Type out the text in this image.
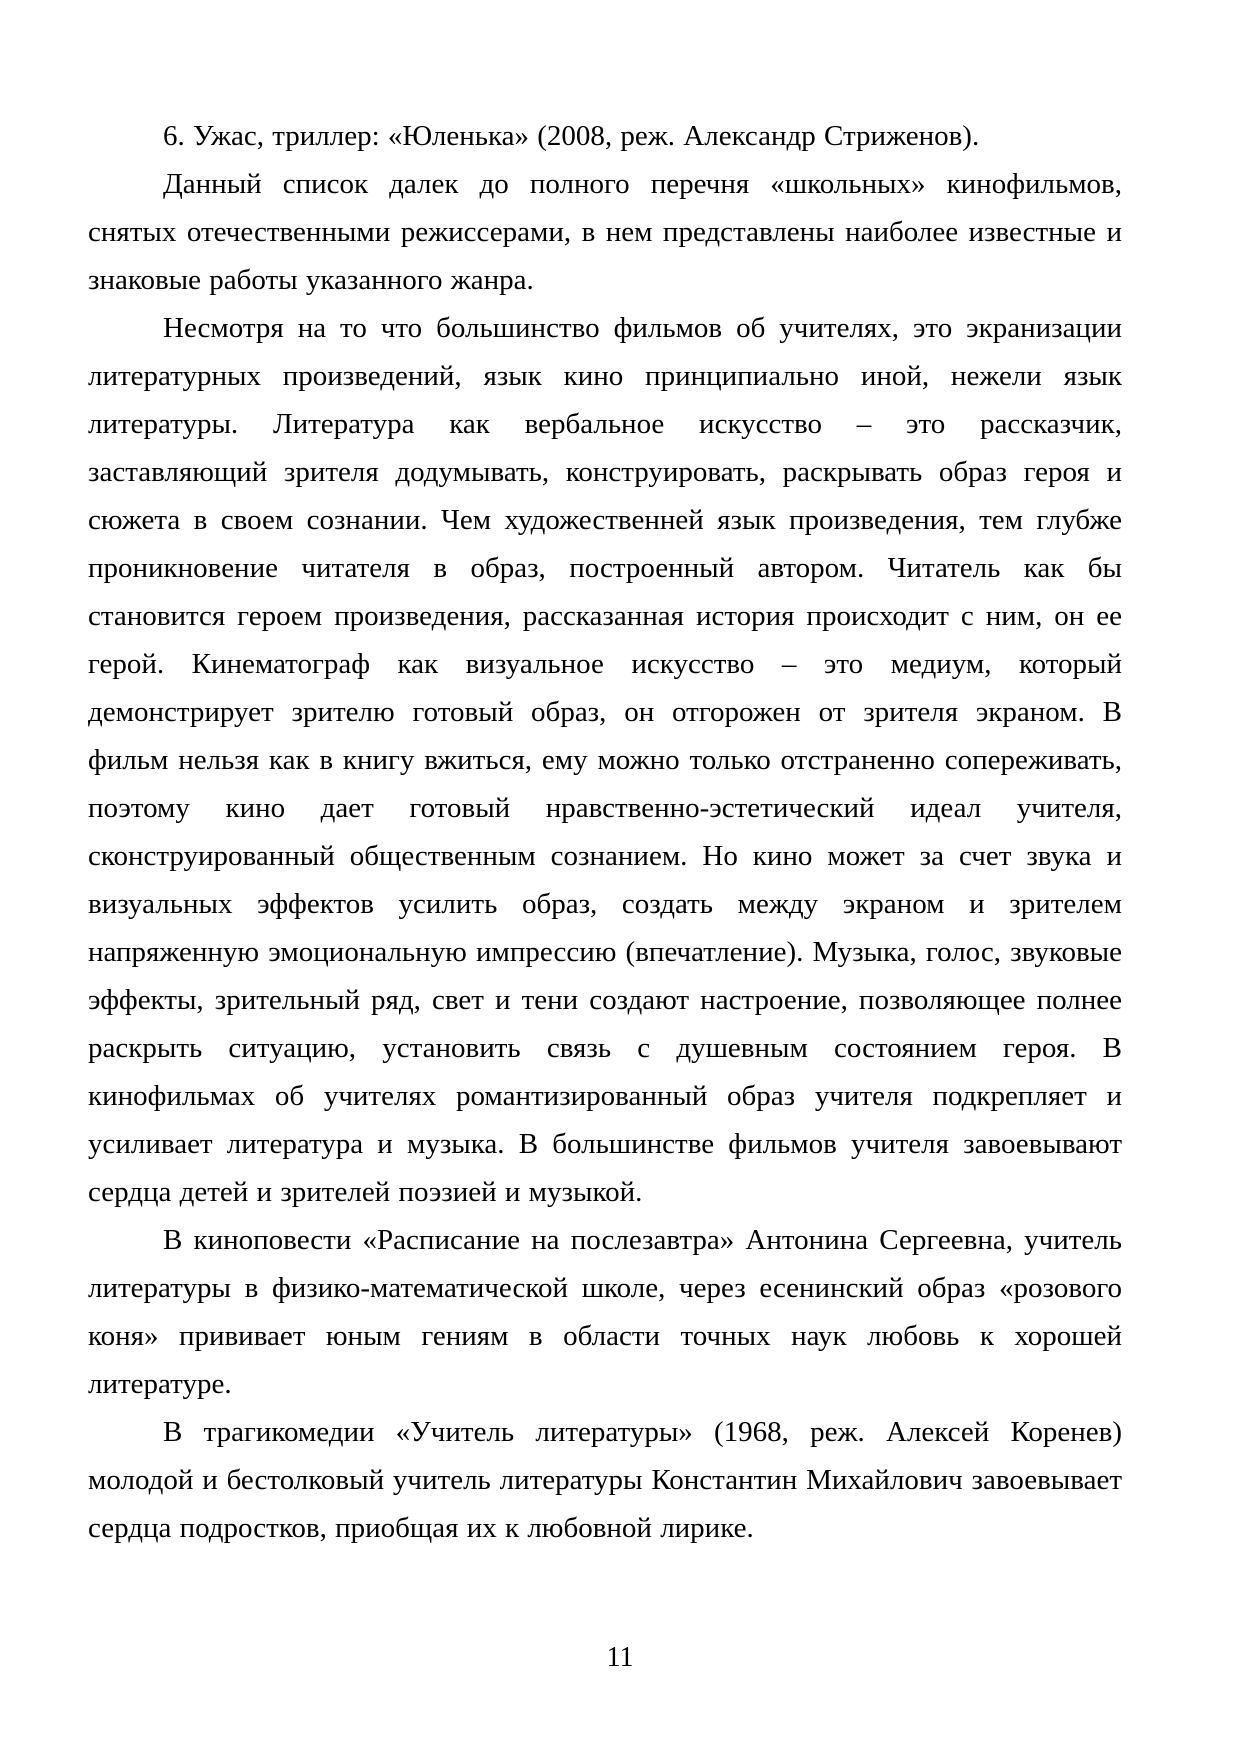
6. Ужас, триллер: «Юленька» (2008, реж. Александр Стриженов).

Данный список далек до полного перечня «школьных» кинофильмов, снятых отечественными режиссерами, в нем представлены наиболее известные и знаковые работы указанного жанра.

Несмотря на то что большинство фильмов об учителях, это экранизации литературных произведений, язык кино принципиально иной, нежели язык литературы. Литература как вербальное искусство – это рассказчик, заставляющий зрителя додумывать, конструировать, раскрывать образ героя и сюжета в своем сознании. Чем художественней язык произведения, тем глубже проникновение читателя в образ, построенный автором. Читатель как бы становится героем произведения, рассказанная история происходит с ним, он ее герой. Кинематограф как визуальное искусство – это медиум, который демонстрирует зрителю готовый образ, он отгорожен от зрителя экраном. В фильм нельзя как в книгу вжиться, ему можно только отстраненно сопереживать, поэтому кино дает готовый нравственно-эстетический идеал учителя, сконструированный общественным сознанием. Но кино может за счет звука и визуальных эффектов усилить образ, создать между экраном и зрителем напряженную эмоциональную импрессию (впечатление). Музыка, голос, звуковые эффекты, зрительный ряд, свет и тени создают настроение, позволяющее полнее раскрыть ситуацию, установить связь с душевным состоянием героя. В кинофильмах об учителях романтизированный образ учителя подкрепляет и усиливает литература и музыка. В большинстве фильмов учителя завоевывают сердца детей и зрителей поэзией и музыкой.

В киноповести «Расписание на послезавтра» Антонина Сергеевна, учитель литературы в физико-математической школе, через есенинский образ «розового коня» прививает юным гениям в области точных наук любовь к хорошей литературе.

В трагикомедии «Учитель литературы» (1968, реж. Алексей Коренев) молодой и бестолковый учитель литературы Константин Михайлович завоевывает сердца подростков, приобщая их к любовной лирике.

11
